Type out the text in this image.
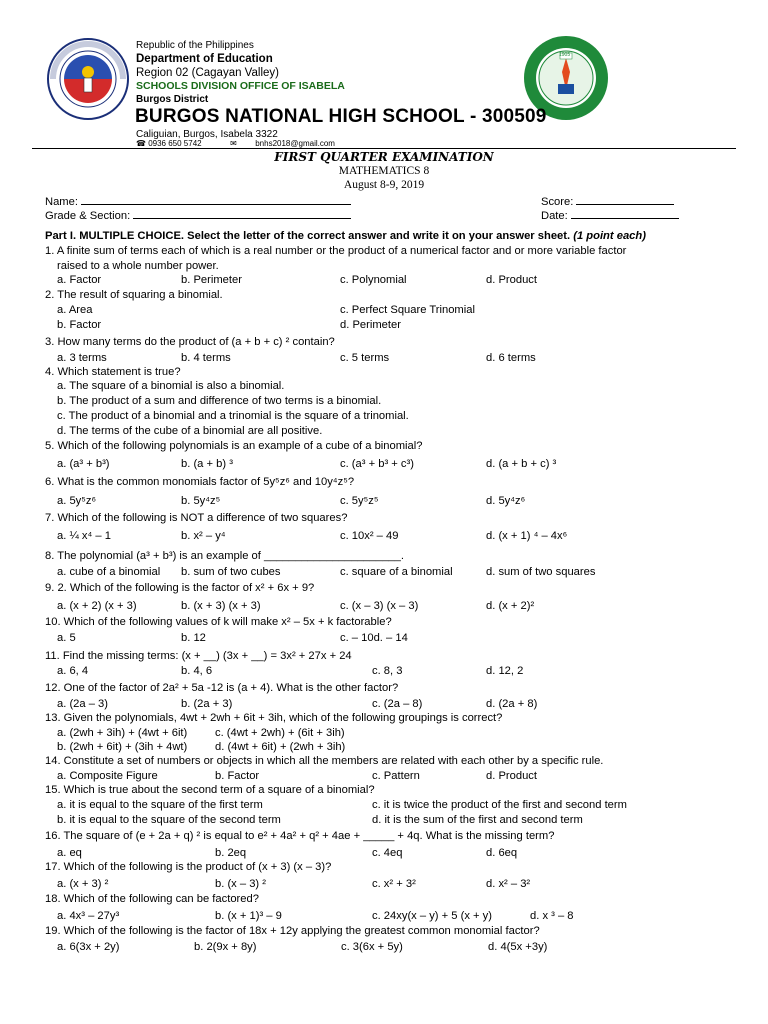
1905
Republic of the Philippines
Department of Education
Region 02 (Cagayan Valley)
SCHOOLS DIVISION OFFICE OF ISABELA
Burgos District
BURGOS NATIONAL HIGH SCHOOL - 300509
Caliguian, Burgos, Isabela 3322
☎ 0936 650 5742	✉ bnhs2018@gmail.com
FIRST QUARTER EXAMINATION
MATHEMATICS 8
August 8-9, 2019
Name:
Grade & Section:
Score:
Date:
Part I. MULTIPLE CHOICE. Select the letter of the correct answer and write it on your answer sheet. (1 point each)
1. A finite sum of terms each of which is a real number or the product of a numerical factor and or more variable factor
raised to a whole number power.
a. Factor	b. Perimeter	c. Polynomial	d. Product
2. The result of squaring a binomial.
a. Area	c. Perfect Square Trinomial
b. Factor	d. Perimeter
3. How many terms do the product of (a + b + c) ² contain?
a. 3 terms	b. 4 terms	c. 5 terms	d. 6 terms
4. Which statement is true?
a. The square of a binomial is also a binomial.
b. The product of a sum and difference of two terms is a binomial.
c. The product of a binomial and a trinomial is the square of a trinomial.
d. The terms of the cube of a binomial are all positive.
5. Which of the following polynomials is an example of a cube of a binomial?
a. (a³ + b³)	b. (a + b) ³	c. (a³ + b³ + c³)	d. (a + b + c) ³
6. What is the common monomials factor of 5y⁵z⁶ and 10y⁴z⁵?
a. 5y⁵z⁶	b. 5y⁴z⁵	c. 5y⁵z⁵	d. 5y⁴z⁶
7. Which of the following is NOT a difference of two squares?
a. ¼ x⁴ – 1	b. x² – y⁴	c. 10x² – 49	d. (x + 1) ⁴ – 4x⁶
8. The polynomial (a³ + b³) is an example of ______________________.
a. cube of a binomial b. sum of two cubes	c. square of a binomial	d. sum of two squares
9. 2. Which of the following is the factor of x² + 6x + 9?
a. (x + 2) (x + 3)	b. (x + 3) (x + 3)	c. (x – 3) (x – 3)	d. (x + 2)²
10. Which of the following values of k will make x² – 5x + k factorable?
a. 5	b. 12	c. – 10d. – 14
11. Find the missing terms: (x + __) (3x + __) = 3x² + 27x + 24
a. 6, 4	b. 4, 6	c. 8, 3	d. 12, 2
12. One of the factor of 2a² + 5a -12 is (a + 4). What is the other factor?
a. (2a – 3)	b. (2a + 3)	c. (2a – 8)	d. (2a + 8)
13. Given the polynomials, 4wt + 2wh + 6it + 3ih, which of the following groupings is correct?
a. (2wh + 3ih) + (4wt + 6it) c. (4wt + 2wh) + (6it + 3ih)
b. (2wh + 6it) + (3ih + 4wt) d. (4wt + 6it) + (2wh + 3ih)
14. Constitute a set of numbers or objects in which all the members are related with each other by a specific rule.
a. Composite Figure	b. Factor	c. Pattern	d. Product
15. Which is true about the second term of a square of a binomial?
a. it is equal to the square of the first term	c. it is twice the product of the first and second term
b. it is equal to the square of the second term	d. it is the sum of the first and second term
16. The square of (e + 2a + q) ² is equal to e² + 4a² + q² + 4ae + _____ + 4q. What is the missing term?
a. eq	b. 2eq	c. 4eq	d. 6eq
17. Which of the following is the product of (x + 3) (x – 3)?
a. (x + 3) ²	b. (x – 3) ²	c. x² + 3²	d. x² – 3²
18. Which of the following can be factored?
a. 4x³ – 27y³	b. (x + 1)³ – 9	c. 24xy(x – y) + 5 (x + y)	d. x ³ – 8
19. Which of the following is the factor of 18x + 12y applying the greatest common monomial factor?
a. 6(3x + 2y)	b. 2(9x + 8y)	c. 3(6x + 5y)	d. 4(5x +3y)
